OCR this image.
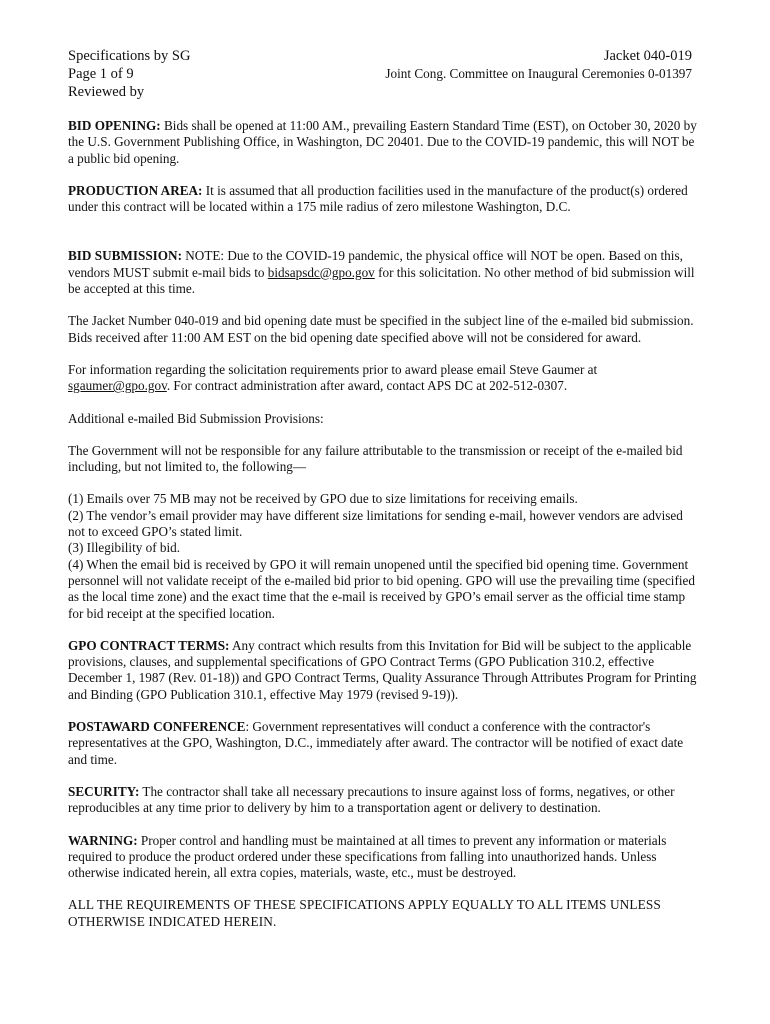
Specifications by SG	Jacket 040-019
Page 1 of 9	Joint Cong. Committee on Inaugural Ceremonies 0-01397
Reviewed by

BID OPENING: Bids shall be opened at 11:00 AM., prevailing Eastern Standard Time (EST), on October 30, 2020 by the U.S. Government Publishing Office, in Washington, DC 20401. Due to the COVID-19 pandemic, this will NOT be a public bid opening.

PRODUCTION AREA: It is assumed that all production facilities used in the manufacture of the product(s) ordered under this contract will be located within a 175 mile radius of zero milestone Washington, D.C.

BID SUBMISSION: NOTE: Due to the COVID-19 pandemic, the physical office will NOT be open. Based on this, vendors MUST submit e-mail bids to bidsapsdc@gpo.gov for this solicitation. No other method of bid submission will be accepted at this time.

The Jacket Number 040-019 and bid opening date must be specified in the subject line of the e-mailed bid submission. Bids received after 11:00 AM EST on the bid opening date specified above will not be considered for award.

For information regarding the solicitation requirements prior to award please email Steve Gaumer at sgaumer@gpo.gov. For contract administration after award, contact APS DC at 202-512-0307.

Additional e-mailed Bid Submission Provisions:

The Government will not be responsible for any failure attributable to the transmission or receipt of the e-mailed bid including, but not limited to, the following—

(1) Emails over 75 MB may not be received by GPO due to size limitations for receiving emails.

(2) The vendor’s email provider may have different size limitations for sending e-mail, however vendors are advised not to exceed GPO’s stated limit.

(3) Illegibility of bid.

(4) When the email bid is received by GPO it will remain unopened until the specified bid opening time. Government personnel will not validate receipt of the e-mailed bid prior to bid opening. GPO will use the prevailing time (specified as the local time zone) and the exact time that the e-mail is received by GPO’s email server as the official time stamp for bid receipt at the specified location.

GPO CONTRACT TERMS: Any contract which results from this Invitation for Bid will be subject to the applicable provisions, clauses, and supplemental specifications of GPO Contract Terms (GPO Publication 310.2, effective December 1, 1987 (Rev. 01-18)) and GPO Contract Terms, Quality Assurance Through Attributes Program for Printing and Binding (GPO Publication 310.1, effective May 1979 (revised 9-19)).

POSTAWARD CONFERENCE: Government representatives will conduct a conference with the contractor's representatives at the GPO, Washington, D.C., immediately after award. The contractor will be notified of exact date and time.

SECURITY: The contractor shall take all necessary precautions to insure against loss of forms, negatives, or other reproducibles at any time prior to delivery by him to a transportation agent or delivery to destination.

WARNING: Proper control and handling must be maintained at all times to prevent any information or materials required to produce the product ordered under these specifications from falling into unauthorized hands. Unless otherwise indicated herein, all extra copies, materials, waste, etc., must be destroyed.

ALL THE REQUIREMENTS OF THESE SPECIFICATIONS APPLY EQUALLY TO ALL ITEMS UNLESS OTHERWISE INDICATED HEREIN.
